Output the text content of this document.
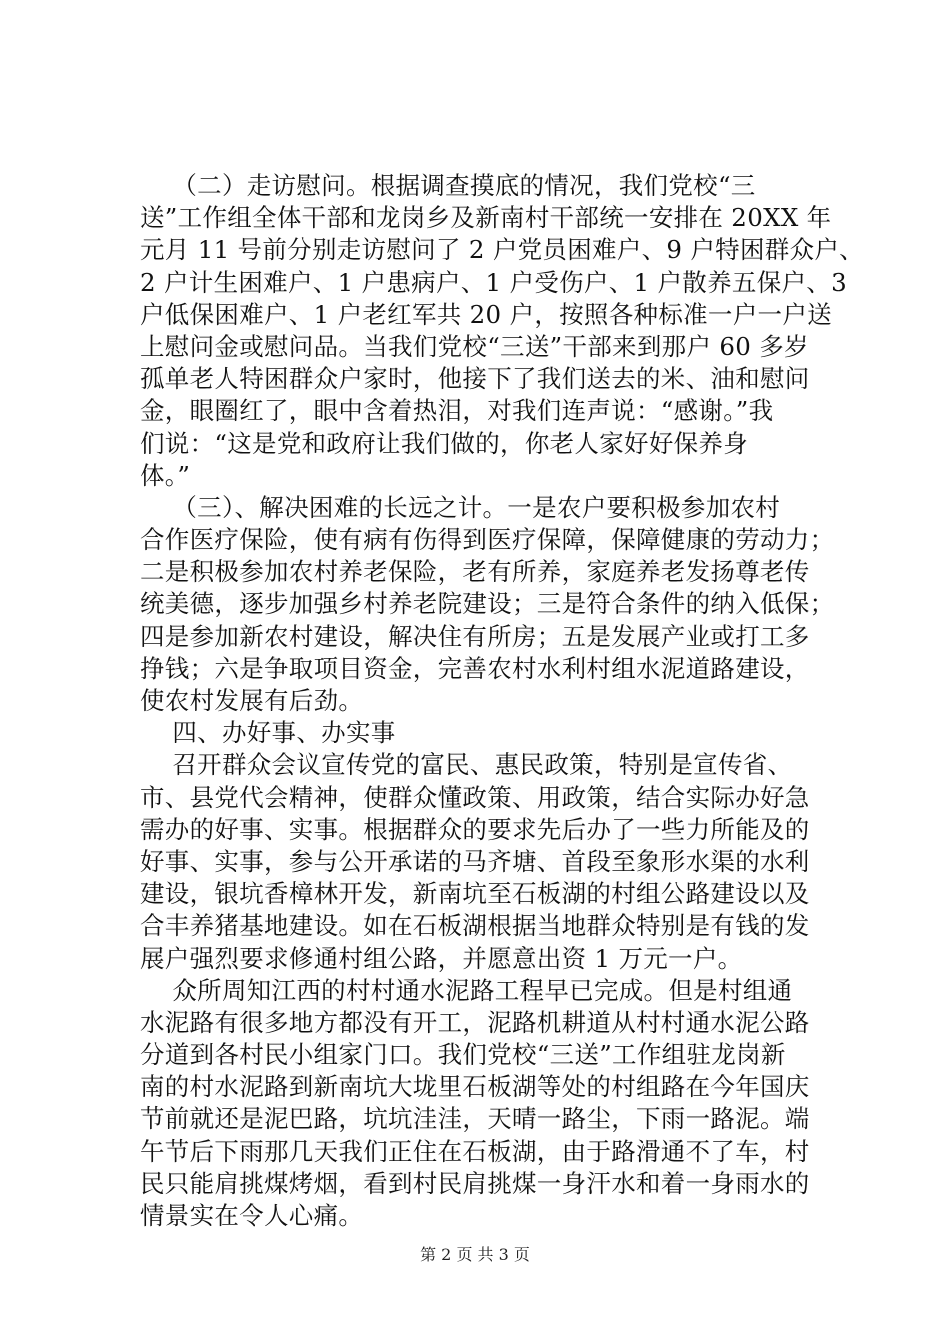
（二）走访慰问。根据调查摸底的情况，我们党校“三
送”工作组全体干部和龙岗乡及新南村干部统一安排在 20XX 年
元月 11 号前分别走访慰问了 2 户党员困难户、9 户特困群众户、
2 户计生困难户、1 户患病户、1 户受伤户、1 户散养五保户、3
户低保困难户、1 户老红军共 20 户，按照各种标准一户一户送
上慰问金或慰问品。当我们党校“三送”干部来到那户 60 多岁
孤单老人特困群众户家时，他接下了我们送去的米、油和慰问
金，眼圈红了，眼中含着热泪，对我们连声说：“感谢。”我
们说：“这是党和政府让我们做的，你老人家好好保养身
体。”
（三）、解决困难的长远之计。一是农户要积极参加农村
合作医疗保险，使有病有伤得到医疗保障，保障健康的劳动力；
二是积极参加农村养老保险，老有所养，家庭养老发扬尊老传
统美德，逐步加强乡村养老院建设；三是符合条件的纳入低保；
四是参加新农村建设，解决住有所房；五是发展产业或打工多
挣钱；六是争取项目资金，完善农村水利村组水泥道路建设，
使农村发展有后劲。
四、办好事、办实事
召开群众会议宣传党的富民、惠民政策，特别是宣传省、
市、县党代会精神，使群众懂政策、用政策，结合实际办好急
需办的好事、实事。根据群众的要求先后办了一些力所能及的
好事、实事，参与公开承诺的马齐塘、首段至象形水渠的水利
建设，银坑香樟林开发，新南坑至石板湖的村组公路建设以及
合丰养猪基地建设。如在石板湖根据当地群众特别是有钱的发
展户强烈要求修通村组公路，并愿意出资 1 万元一户。
众所周知江西的村村通水泥路工程早已完成。但是村组通
水泥路有很多地方都没有开工，泥路机耕道从村村通水泥公路
分道到各村民小组家门口。我们党校“三送”工作组驻龙岗新
南的村水泥路到新南坑大垅里石板湖等处的村组路在今年国庆
节前就还是泥巴路，坑坑洼洼，天晴一路尘，下雨一路泥。端
午节后下雨那几天我们正住在石板湖，由于路滑通不了车，村
民只能肩挑煤烤烟，看到村民肩挑煤一身汗水和着一身雨水的
情景实在令人心痛。
第 2 页 共 3 页
